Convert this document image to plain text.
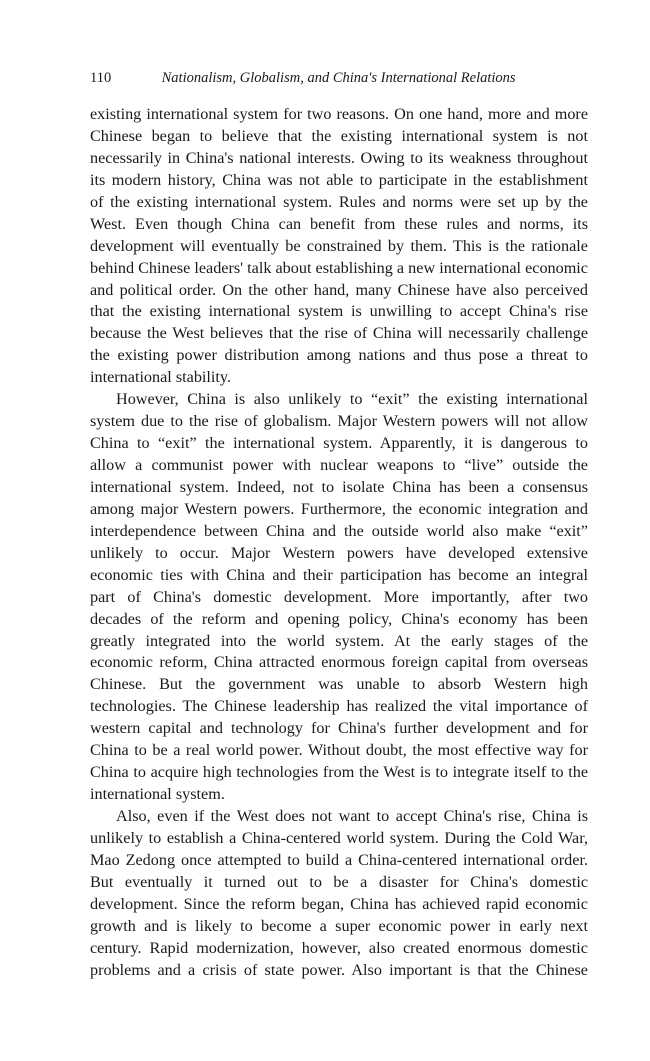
110	Nationalism, Globalism, and China's International Relations
existing international system for two reasons. On one hand, more and more
Chinese began to believe that the existing international system is not
necessarily in China's national interests. Owing to its weakness throughout
its modern history, China was not able to participate in the establishment
of the existing international system. Rules and norms were set up by the
West. Even though China can benefit from these rules and norms, its
development will eventually be constrained by them. This is the rationale
behind Chinese leaders' talk about establishing a new international economic
and political order. On the other hand, many Chinese have also perceived
that the existing international system is unwilling to accept China's rise
because the West believes that the rise of China will necessarily challenge
the existing power distribution among nations and thus pose a threat to
international stability.
However, China is also unlikely to “exit” the existing international
system due to the rise of globalism. Major Western powers will not allow
China to “exit” the international system. Apparently, it is dangerous to
allow a communist power with nuclear weapons to “live” outside the
international system. Indeed, not to isolate China has been a consensus
among major Western powers. Furthermore, the economic integration and
interdependence between China and the outside world also make “exit”
unlikely to occur. Major Western powers have developed extensive
economic ties with China and their participation has become an integral
part of China's domestic development. More importantly, after two
decades of the reform and opening policy, China's economy has been
greatly integrated into the world system. At the early stages of the
economic reform, China attracted enormous foreign capital from overseas
Chinese. But the government was unable to absorb Western high
technologies. The Chinese leadership has realized the vital importance of
western capital and technology for China's further development and for
China to be a real world power. Without doubt, the most effective way for
China to acquire high technologies from the West is to integrate itself to the
international system.
Also, even if the West does not want to accept China's rise, China is
unlikely to establish a China-centered world system. During the Cold War,
Mao Zedong once attempted to build a China-centered international order.
But eventually it turned out to be a disaster for China's domestic
development. Since the reform began, China has achieved rapid economic
growth and is likely to become a super economic power in early next
century. Rapid modernization, however, also created enormous domestic
problems and a crisis of state power. Also important is that the Chinese
